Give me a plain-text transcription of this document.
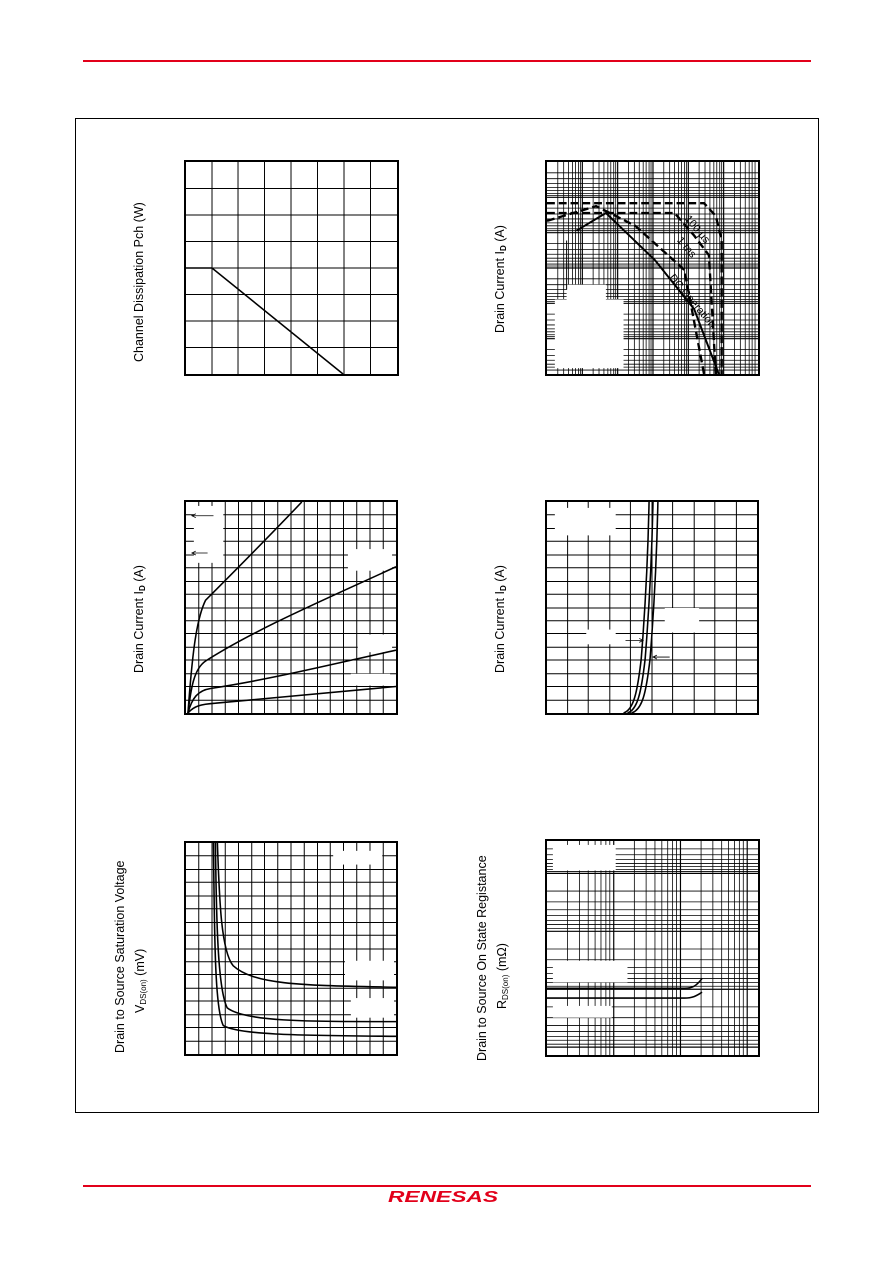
Channel Dissipation Pch (W)	Drain Current $I_D$ (A)	100 µs
1 ms
DC Operation
Drain Current $I_D$ (A)
Drain Current $I_D$ (A)
Drain to Source Saturation Voltage $V_{DS(on)}$ (mV)	Drain to Source On State Registance $R_{DS(on)}$ (mΩ)
RENESAS
